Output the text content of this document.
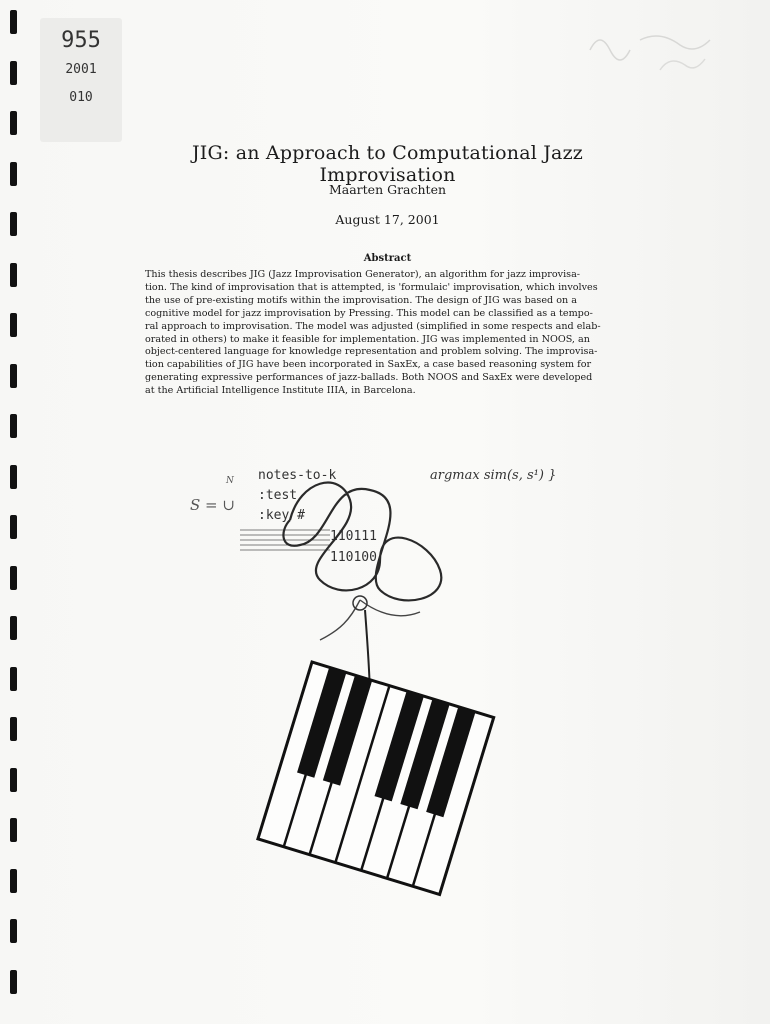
955
2001
010
JIG: an Approach to Computational Jazz Improvisation
Maarten Grachten
August 17, 2001
Abstract
This thesis describes JIG (Jazz Improvisation Generator), an algorithm for jazz improvisa-
tion. The kind of improvisation that is attempted, is 'formulaic' improvisation, which involves
the use of pre-existing motifs within the improvisation. The design of JIG was based on a
cognitive model for jazz improvisation by Pressing. This model can be classified as a tempo-
ral approach to improvisation. The model was adjusted (simplified in some respects and elab-
orated in others) to make it feasible for implementation. JIG was implemented in NOOS, an
object-centered language for knowledge representation and problem solving. The improvisa-
tion capabilities of JIG have been incorporated in SaxEx, a case based reasoning system for
generating expressive performances of jazz-ballads. Both NOOS and SaxEx were developed
at the Artificial Intelligence Institute IIIA, in Barcelona.
N
S = ∪
notes-to-k
:test
:key #
110111
110100
argmax sim(s, s¹) }
